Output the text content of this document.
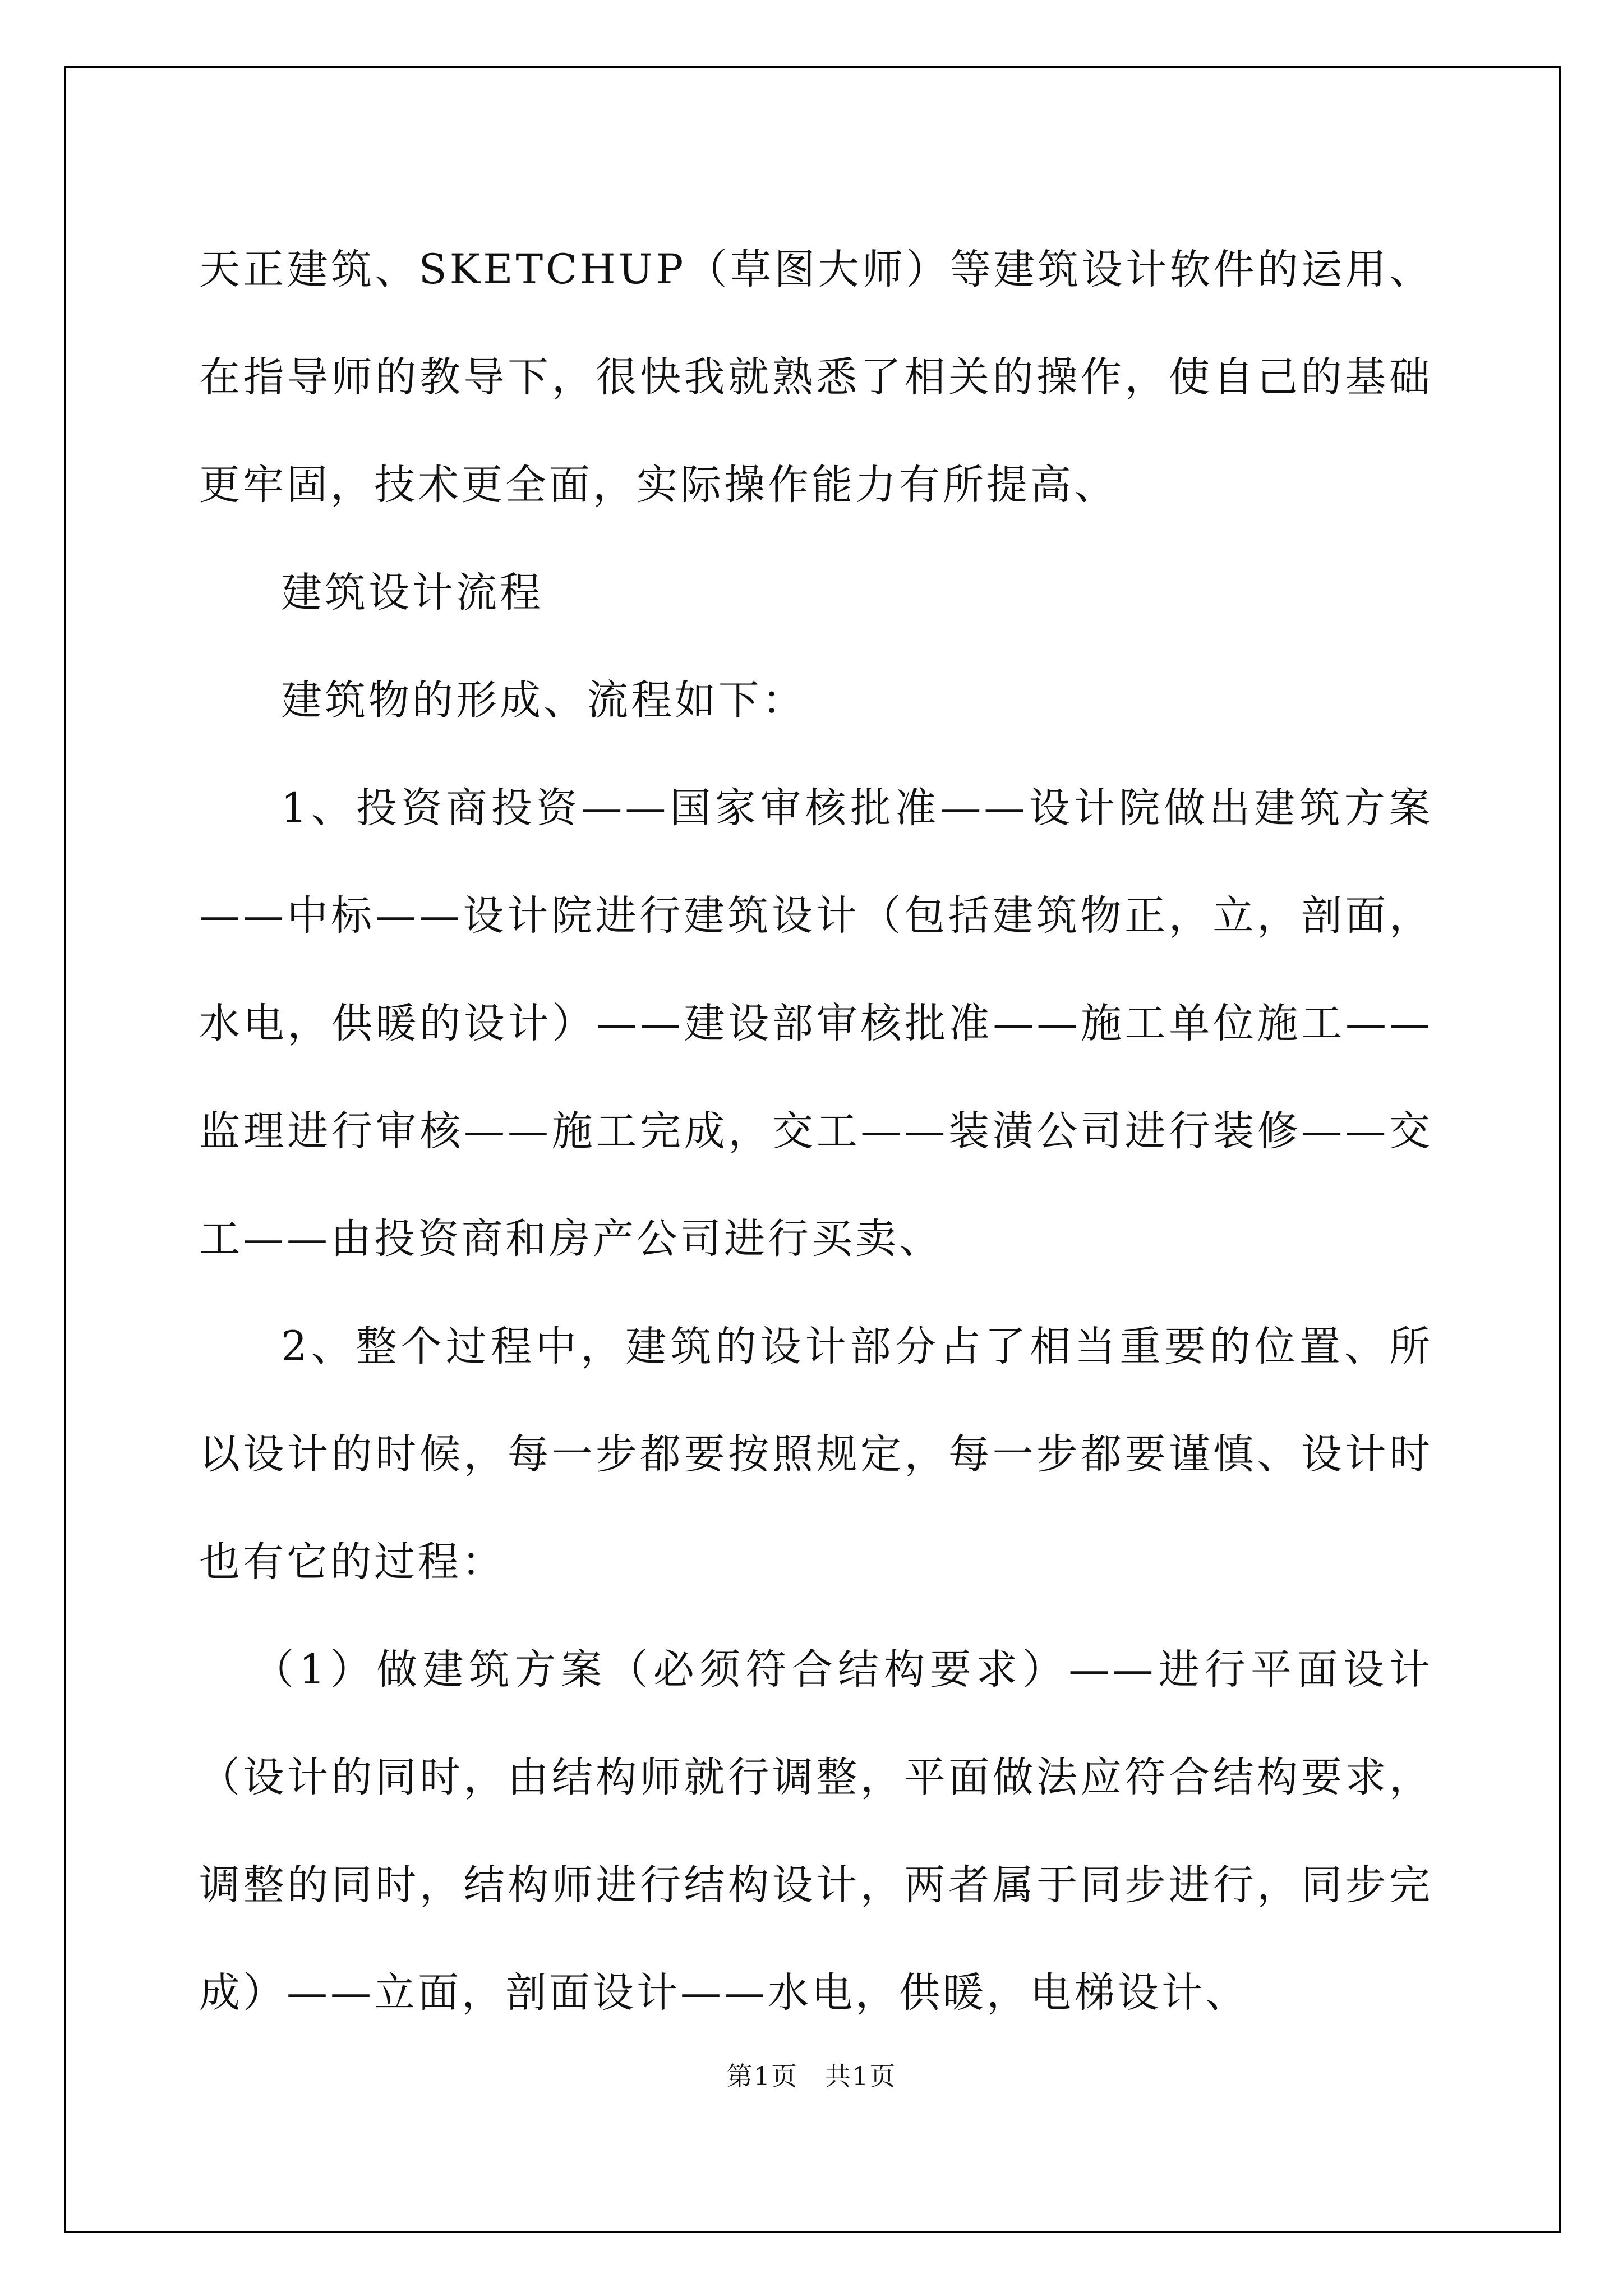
天正建筑、SKETCHUP（草图大师）等建筑设计软件的运用、在指导师的教导下，很快我就熟悉了相关的操作，使自己的基础更牢固，技术更全面，实际操作能力有所提高、

建筑设计流程

建筑物的形成、流程如下：

1、投资商投资——国家审核批准——设计院做出建筑方案——中标——设计院进行建筑设计（包括建筑物正，立，剖面，水电，供暖的设计）——建设部审核批准——施工单位施工——监理进行审核——施工完成，交工——装潢公司进行装修——交工——由投资商和房产公司进行买卖、

2、整个过程中，建筑的设计部分占了相当重要的位置、所以设计的时候，每一步都要按照规定，每一步都要谨慎、设计时也有它的过程：

（1）做建筑方案（必须符合结构要求）——进行平面设计（设计的同时，由结构师就行调整，平面做法应符合结构要求，调整的同时，结构师进行结构设计，两者属于同步进行，同步完成）——立面，剖面设计——水电，供暖，电梯设计、

第1页　共1页
